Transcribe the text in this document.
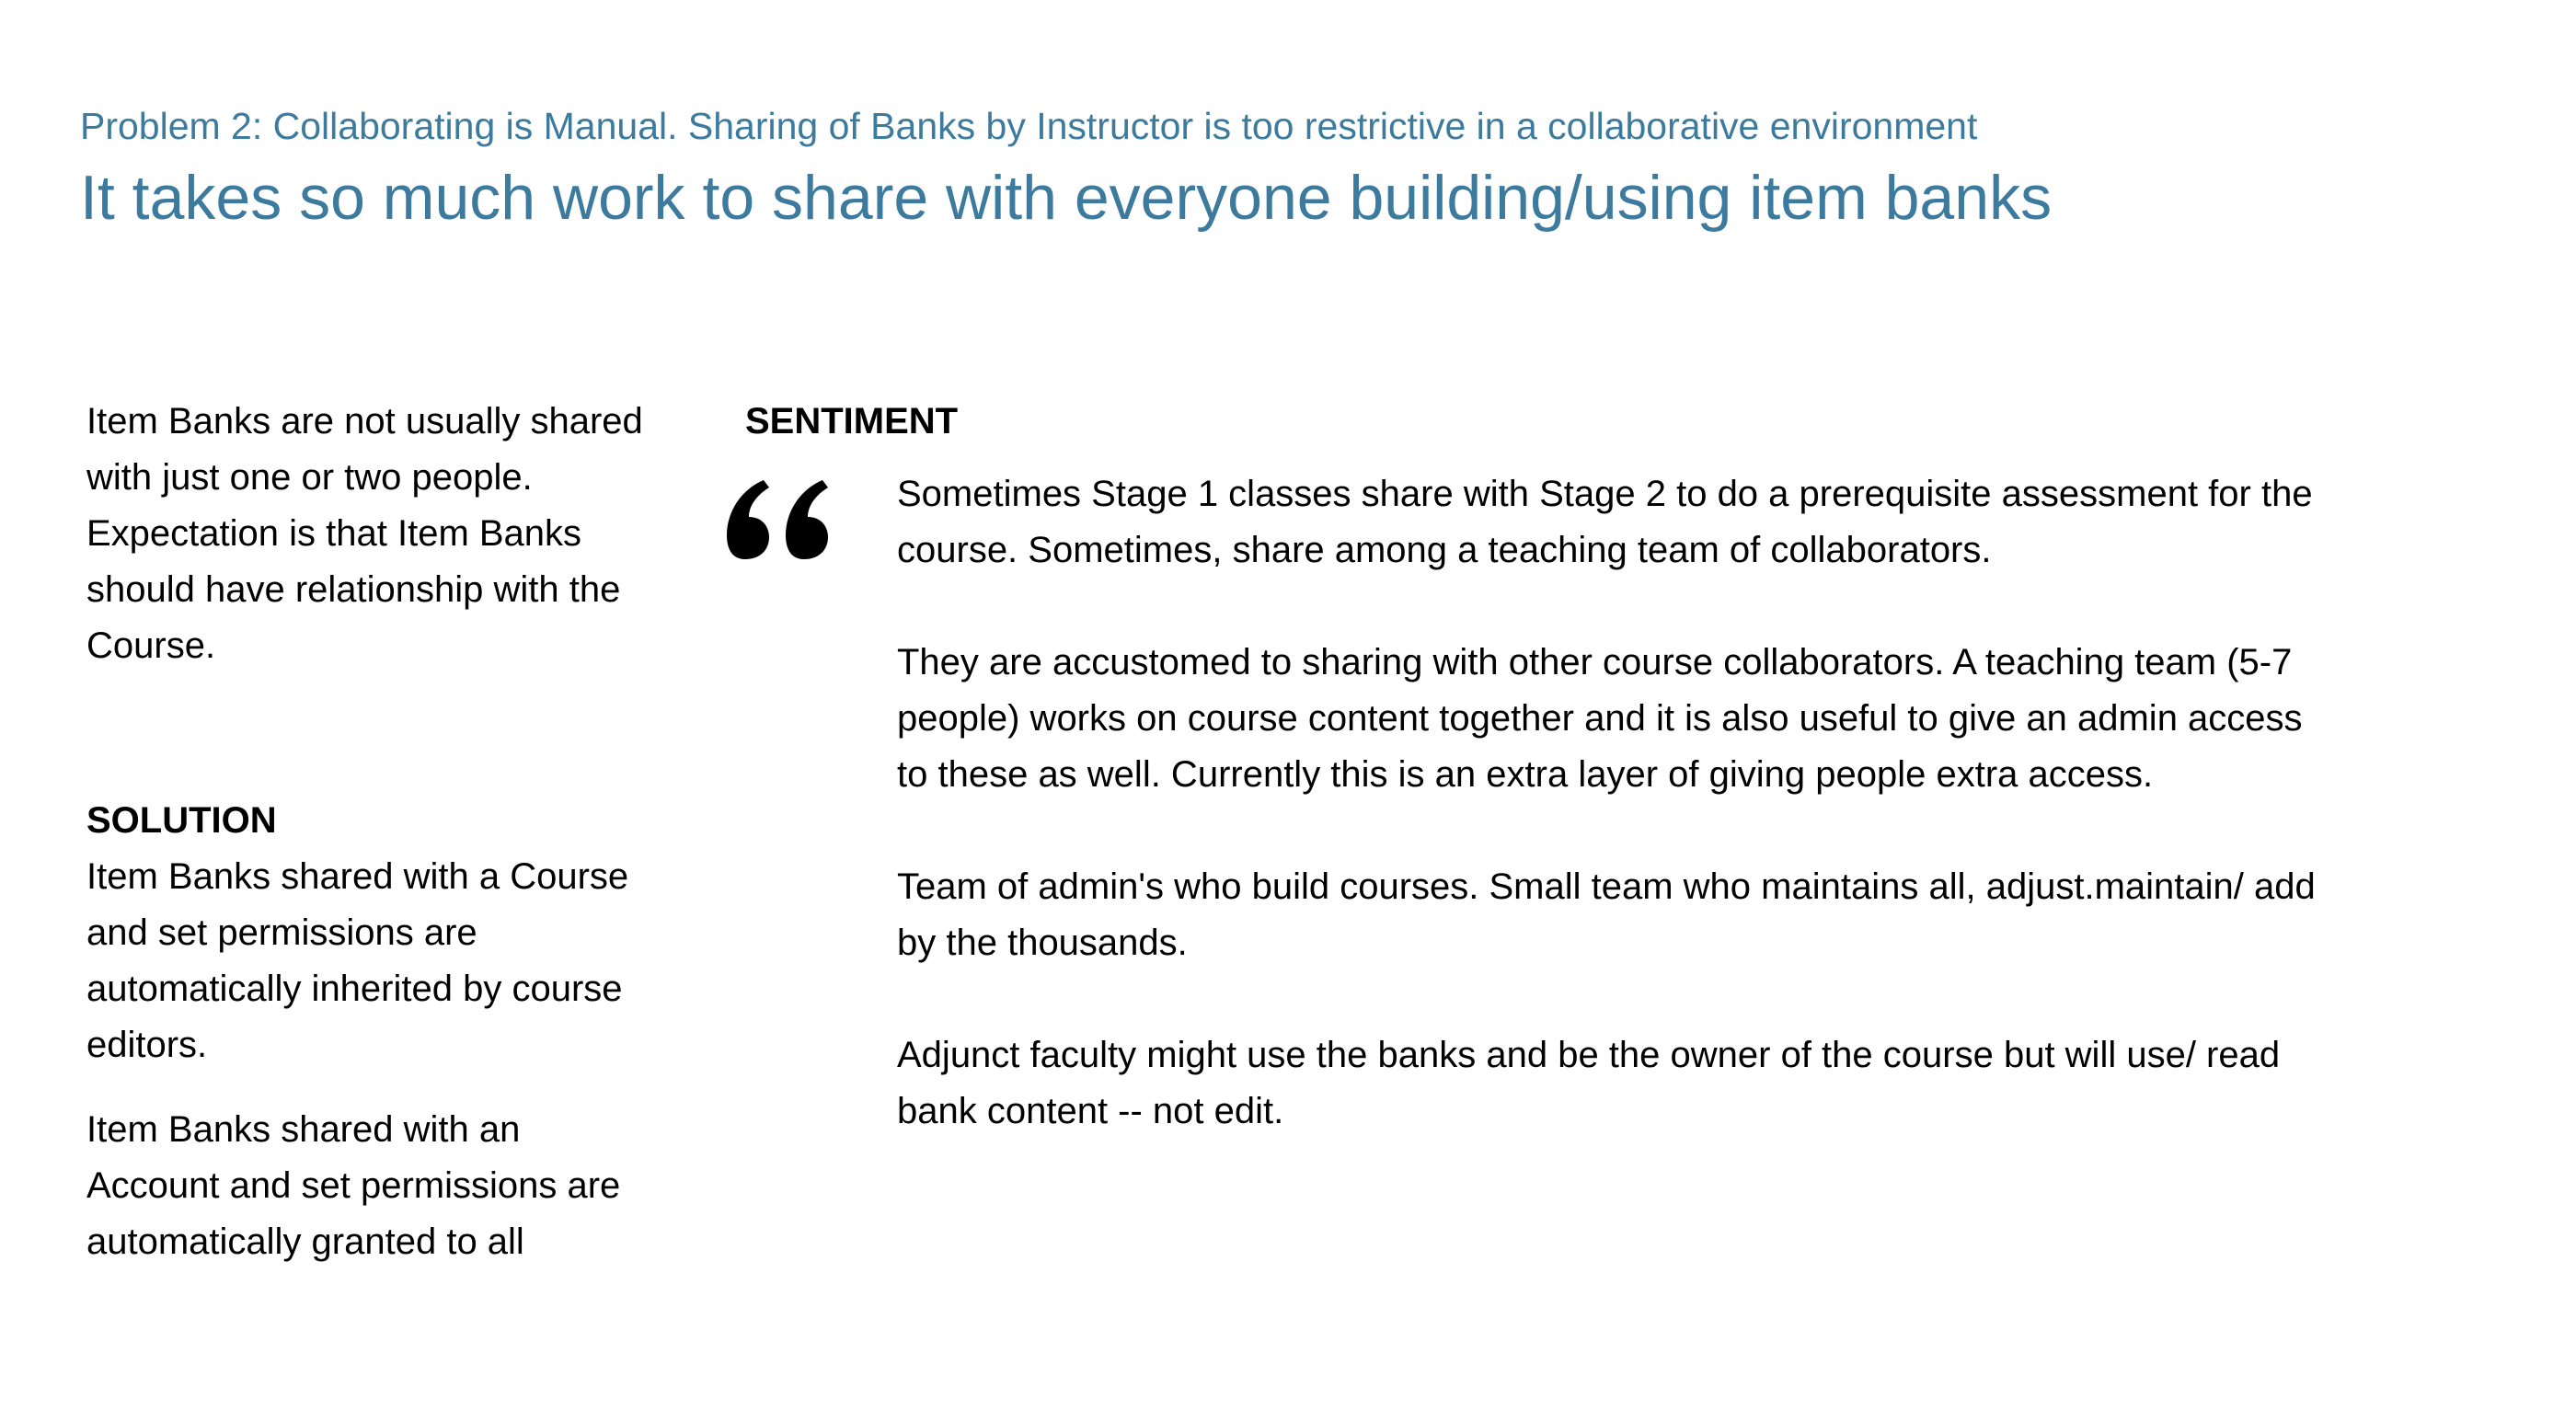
Problem 2: Collaborating is Manual. Sharing of Banks by Instructor is too restrictive in a collaborative environment
It takes so much work to share with everyone building/using item banks

Item Banks are not usually shared with just one or two people. Expectation is that Item Banks should have relationship with the Course.

SOLUTION
Item Banks shared with a Course and set permissions are automatically inherited by course editors.
Item Banks shared with an Account and set permissions are automatically granted to all
SENTIMENT

Sometimes Stage 1 classes share with Stage 2 to do a prerequisite assessment for the course. Sometimes, share among a teaching team of collaborators.

They are accustomed to sharing with other course collaborators. A teaching team (5-7 people) works on course content together and it is also useful to give an admin access to these as well. Currently this is an extra layer of giving people extra access.

Team of admin's who build courses. Small team who maintains all, adjust.maintain/ add by the thousands.

Adjunct faculty might use the banks and be the owner of the course but will use/ read bank content -- not edit.
